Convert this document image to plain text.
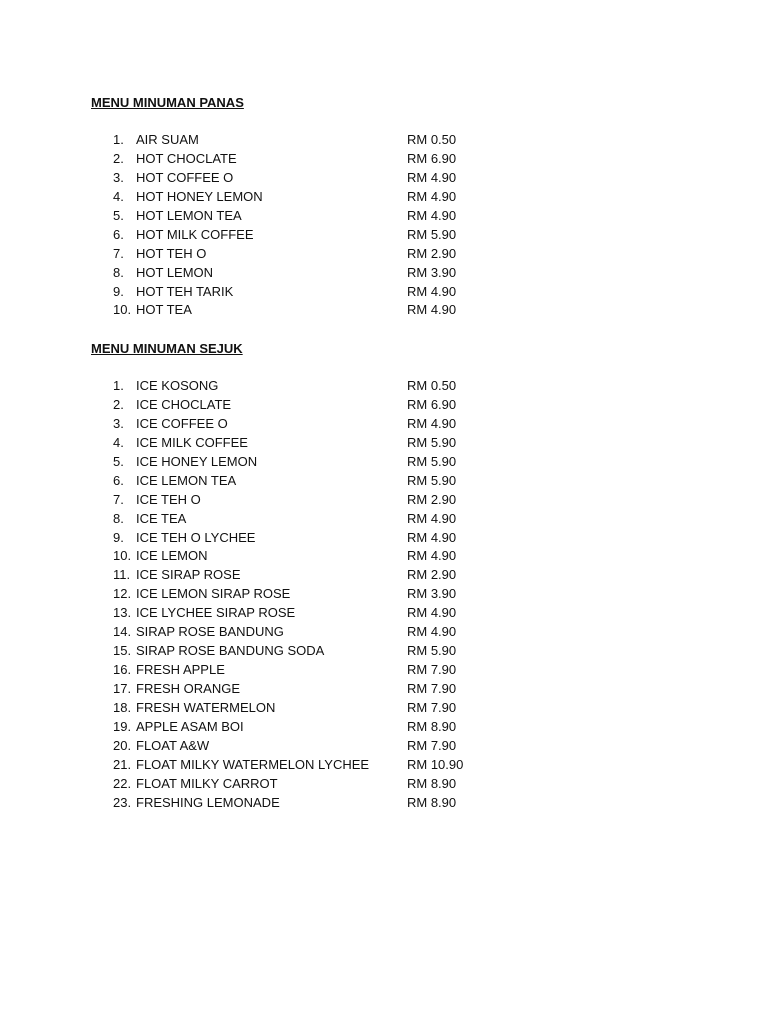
MENU MINUMAN PANAS
1. AIR SUAM	RM 0.50
2. HOT CHOCLATE	RM 6.90
3. HOT COFFEE O	RM 4.90
4. HOT HONEY LEMON	RM 4.90
5. HOT LEMON TEA	RM 4.90
6. HOT MILK COFFEE	RM 5.90
7. HOT TEH O	RM 2.90
8. HOT LEMON	RM 3.90
9. HOT TEH TARIK	RM 4.90
10. HOT TEA	RM 4.90
MENU MINUMAN SEJUK
1. ICE KOSONG	RM 0.50
2. ICE CHOCLATE	RM 6.90
3. ICE COFFEE O	RM 4.90
4. ICE MILK COFFEE	RM 5.90
5. ICE HONEY LEMON	RM 5.90
6. ICE LEMON TEA	RM 5.90
7. ICE TEH O	RM 2.90
8. ICE TEA	RM 4.90
9. ICE TEH O LYCHEE	RM 4.90
10. ICE LEMON	RM 4.90
11. ICE SIRAP ROSE	RM 2.90
12. ICE LEMON SIRAP ROSE	RM 3.90
13. ICE LYCHEE SIRAP ROSE	RM 4.90
14. SIRAP ROSE BANDUNG	RM 4.90
15. SIRAP ROSE BANDUNG SODA	RM 5.90
16. FRESH APPLE	RM 7.90
17. FRESH ORANGE	RM 7.90
18. FRESH WATERMELON	RM 7.90
19. APPLE ASAM BOI	RM 8.90
20. FLOAT A&W	RM 7.90
21. FLOAT MILKY WATERMELON LYCHEE	RM 10.90
22. FLOAT MILKY CARROT	RM 8.90
23. FRESHING LEMONADE	RM 8.90
